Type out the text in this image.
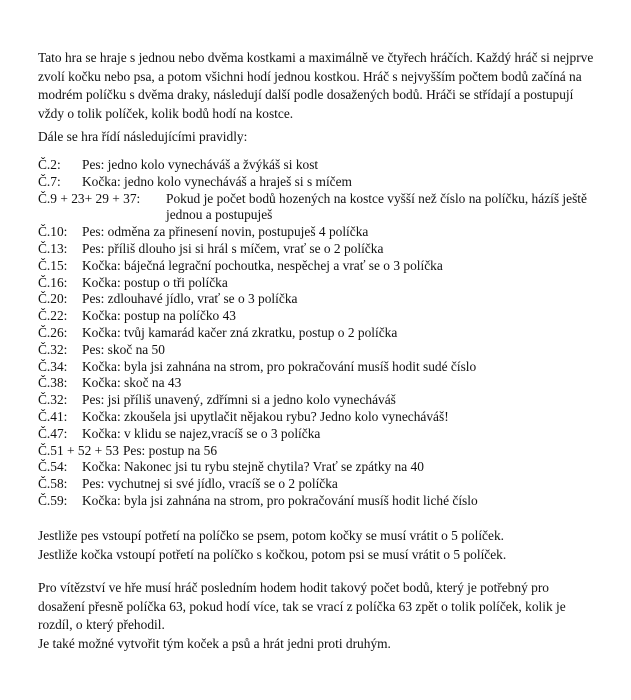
Tato hra se hraje s jednou nebo dvěma kostkami a maximálně ve čtyřech hráčích. Každý hráč si nejprve zvolí kočku nebo psa, a potom všichni hodí jednou kostkou. Hráč s nejvyšším počtem bodů začíná na modrém políčku s dvěma draky, následují další podle dosažených bodů. Hráči se střídají a postupují vždy o tolik políček, kolik bodů hodí na kostce.

Dále se hra řídí následujícími pravidly:

Č.2: Pes: jedno kolo vynecháváš a žvýkáš si kost
Č.7: Kočka: jedno kolo vynecháváš a hraješ si s míčem
Č.9 + 23+ 29 + 37: Pokud je počet bodů hozených na kostce vyšší než číslo na políčku, házíš ještě jednou a postupuješ
Č.10: Pes: odměna za přinesení novin, postupuješ 4 políčka
Č.13: Pes: příliš dlouho jsi si hrál s míčem, vrať se o 2 políčka
Č.15: Kočka: báječná legrační pochoutka, nespěchej a vrať se o 3 políčka
Č.16: Kočka: postup o tři políčka
Č.20: Pes: zdlouhavé jídlo, vrať se o 3 políčka
Č.22: Kočka: postup na políčko 43
Č.26: Kočka: tvůj kamarád kačer zná zkratku, postup o 2 políčka
Č.32: Pes: skoč na 50
Č.34: Kočka: byla jsi zahnána na strom, pro pokračování musíš hodit sudé číslo
Č.38: Kočka: skoč na 43
Č.32: Pes: jsi příliš unavený, zdřímni si a jedno kolo vynecháváš
Č.41: Kočka: zkoušela jsi upytlačit nějakou rybu? Jedno kolo vynecháváš!
Č.47: Kočka: v klidu se najez,vracíš se o 3 políčka
Č.51 + 52 + 53 Pes: postup na 56
Č.54: Kočka: Nakonec jsi tu rybu stejně chytila? Vrať se zpátky na 40
Č.58: Pes: vychutnej si své jídlo, vracíš se o 2 políčka
Č.59: Kočka: byla jsi zahnána na strom, pro pokračování musíš hodit liché číslo
Jestliže pes vstoupí potřetí na políčko se psem, potom kočky se musí vrátit o 5 políček.
Jestliže kočka vstoupí potřetí na políčko s kočkou, potom psi se musí vrátit o 5 políček.
Pro vítězství ve hře musí hráč posledním hodem hodit takový počet bodů, který je potřebný pro dosažení přesně políčka 63, pokud hodí více, tak se vrací z políčka 63 zpět o tolik políček, kolik je rozdíl, o který přehodil.
Je také možné vytvořit tým koček a psů a hrát jedni proti druhým.
